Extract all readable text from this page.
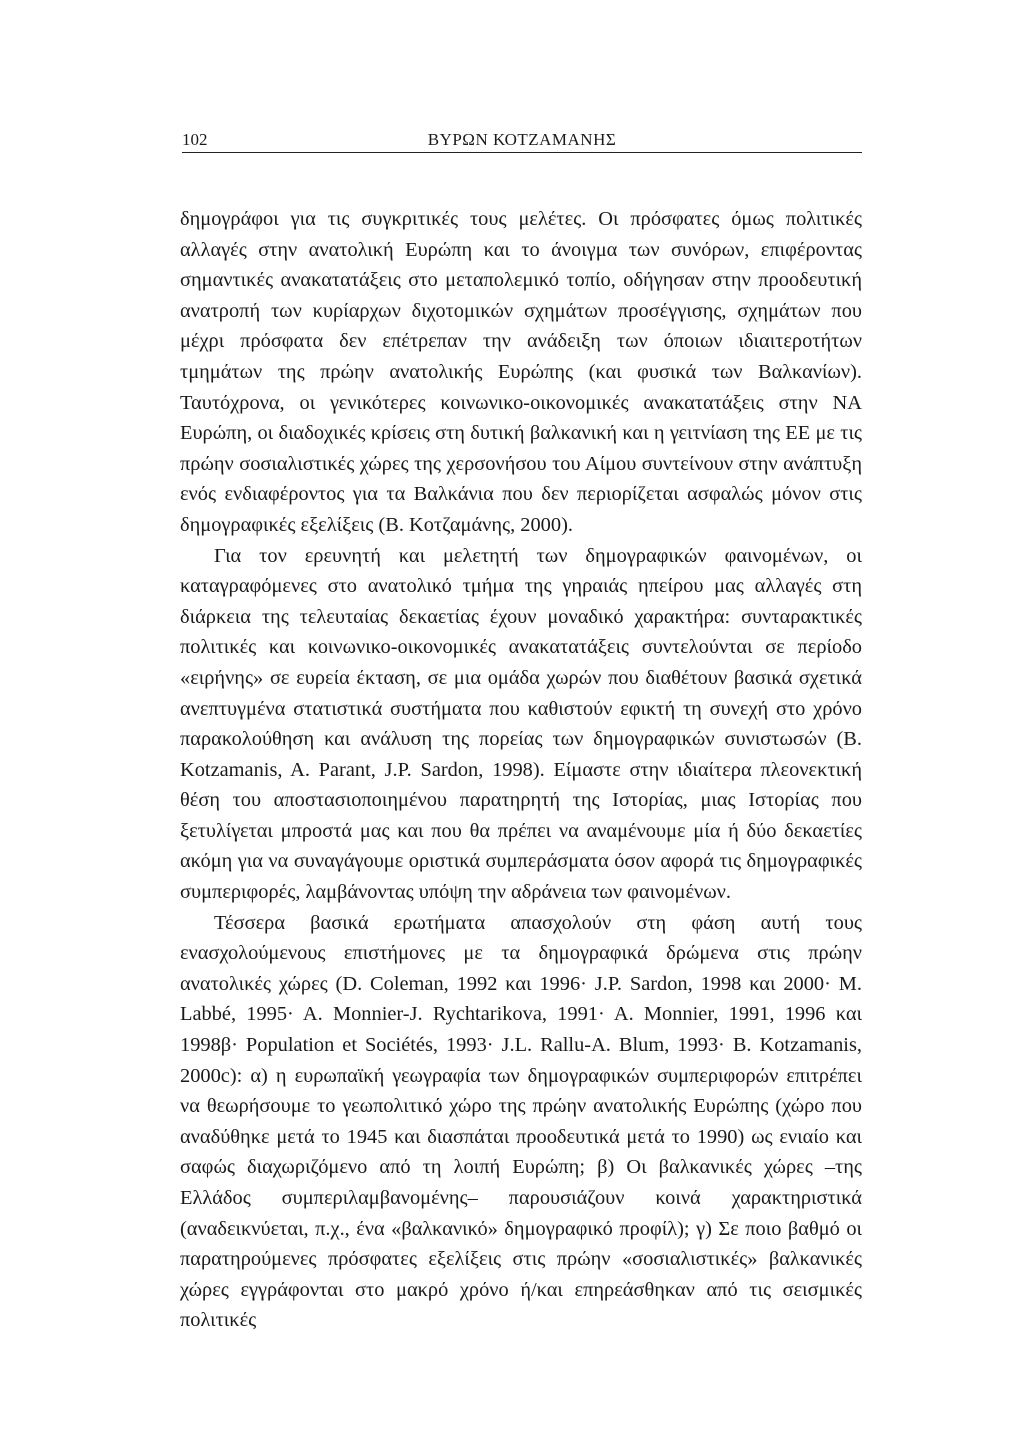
102	ΒΥΡΩΝ ΚΟΤΖΑΜΑΝΗΣ

δημογράφοι για τις συγκριτικές τους μελέτες. Οι πρόσφατες όμως πολιτικές αλλαγές στην ανατολική Ευρώπη και το άνοιγμα των συνόρων, επιφέροντας σημαντικές ανακατατάξεις στο μεταπολεμικό τοπίο, οδήγησαν στην προοδευτική ανατροπή των κυρίαρχων διχοτομικών σχημάτων προσέγγισης, σχημάτων που μέχρι πρόσφατα δεν επέτρεπαν την ανάδειξη των όποιων ιδιαιτεροτήτων τμημάτων της πρώην ανατολικής Ευρώπης (και φυσικά των Βαλκανίων). Ταυτόχρονα, οι γενικότερες κοινωνικο-οικονομικές ανακατατάξεις στην ΝΑ Ευρώπη, οι διαδοχικές κρίσεις στη δυτική βαλκανική και η γειτνίαση της ΕΕ με τις πρώην σοσιαλιστικές χώρες της χερσονήσου του Αίμου συντείνουν στην ανάπτυξη ενός ενδιαφέροντος για τα Βαλκάνια που δεν περιορίζεται ασφαλώς μόνον στις δημογραφικές εξελίξεις (Β. Κοτζαμάνης, 2000).

Για τον ερευνητή και μελετητή των δημογραφικών φαινομένων, οι καταγραφόμενες στο ανατολικό τμήμα της γηραιάς ηπείρου μας αλλαγές στη διάρκεια της τελευταίας δεκαετίας έχουν μοναδικό χαρακτήρα: συνταρακτικές πολιτικές και κοινωνικο-οικονομικές ανακατατάξεις συντελούνται σε περίοδο «ειρήνης» σε ευρεία έκταση, σε μια ομάδα χωρών που διαθέτουν βασικά σχετικά ανεπτυγμένα στατιστικά συστήματα που καθιστούν εφικτή τη συνεχή στο χρόνο παρακολούθηση και ανάλυση της πορείας των δημογραφικών συνιστωσών (B. Kotzamanis, A. Parant, J.P. Sardon, 1998). Είμαστε στην ιδιαίτερα πλεονεκτική θέση του αποστασιοποιημένου παρατηρητή της Ιστορίας, μιας Ιστορίας που ξετυλίγεται μπροστά μας και που θα πρέπει να αναμένουμε μία ή δύο δεκαετίες ακόμη για να συναγάγουμε οριστικά συμπεράσματα όσον αφορά τις δημογραφικές συμπεριφορές, λαμβάνοντας υπόψη την αδράνεια των φαινομένων.

Τέσσερα βασικά ερωτήματα απασχολούν στη φάση αυτή τους ενασχολούμενους επιστήμονες με τα δημογραφικά δρώμενα στις πρώην ανατολικές χώρες (D. Coleman, 1992 και 1996· J.P. Sardon, 1998 και 2000· M. Labbé, 1995· A. Monnier-J. Rychtarikova, 1991· A. Monnier, 1991, 1996 και 1998β· Population et Sociétés, 1993· J.L. Rallu-A. Blum, 1993· B. Kotzamanis, 2000c): α) η ευρωπαϊκή γεωγραφία των δημογραφικών συμπεριφορών επιτρέπει να θεωρήσουμε το γεωπολιτικό χώρο της πρώην ανατολικής Ευρώπης (χώρο που αναδύθηκε μετά το 1945 και διασπάται προοδευτικά μετά το 1990) ως ενιαίο και σαφώς διαχωριζόμενο από τη λοιπή Ευρώπη; β) Οι βαλκανικές χώρες –της Ελλάδος συμπεριλαμβανομένης– παρουσιάζουν κοινά χαρακτηριστικά (αναδεικνύεται, π.χ., ένα «βαλκανικό» δημογραφικό προφίλ); γ) Σε ποιο βαθμό οι παρατηρούμενες πρόσφατες εξελίξεις στις πρώην «σοσιαλιστικές» βαλκανικές χώρες εγγράφονται στο μακρό χρόνο ή/και επηρεάσθηκαν από τις σεισμικές πολιτικές
